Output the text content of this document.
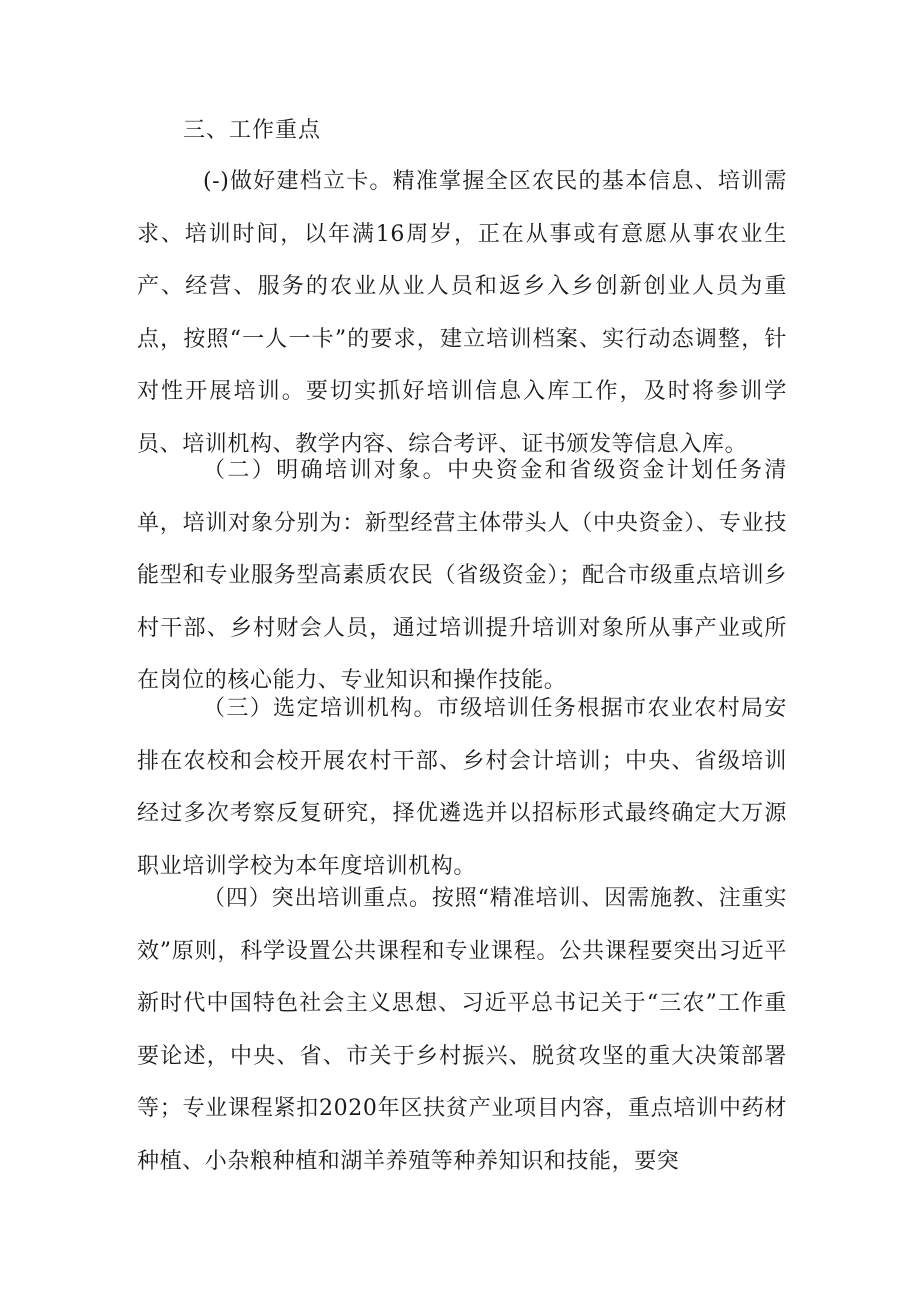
三、工作重点

(-)做好建档立卡。精准掌握全区农民的基本信息、培训需求、培训时间，以年满16周岁，正在从事或有意愿从事农业生产、经营、服务的农业从业人员和返乡入乡创新创业人员为重点，按照“一人一卡”的要求，建立培训档案、实行动态调整，针对性开展培训。要切实抓好培训信息入库工作，及时将参训学员、培训机构、教学内容、综合考评、证书颁发等信息入库。

（二）明确培训对象。中央资金和省级资金计划任务清单，培训对象分别为：新型经营主体带头人（中央资金）、专业技能型和专业服务型高素质农民（省级资金）；配合市级重点培训乡村干部、乡村财会人员，通过培训提升培训对象所从事产业或所在岗位的核心能力、专业知识和操作技能。

（三）选定培训机构。市级培训任务根据市农业农村局安排在农校和会校开展农村干部、乡村会计培训；中央、省级培训经过多次考察反复研究，择优遴选并以招标形式最终确定大万源职业培训学校为本年度培训机构。

（四）突出培训重点。按照“精准培训、因需施教、注重实效”原则，科学设置公共课程和专业课程。公共课程要突出习近平新时代中国特色社会主义思想、习近平总书记关于“三农”工作重要论述，中央、省、市关于乡村振兴、脱贫攻坚的重大决策部署等；专业课程紧扣2020年区扶贫产业项目内容，重点培训中药材种植、小杂粮种植和湖羊养殖等种养知识和技能，要突
